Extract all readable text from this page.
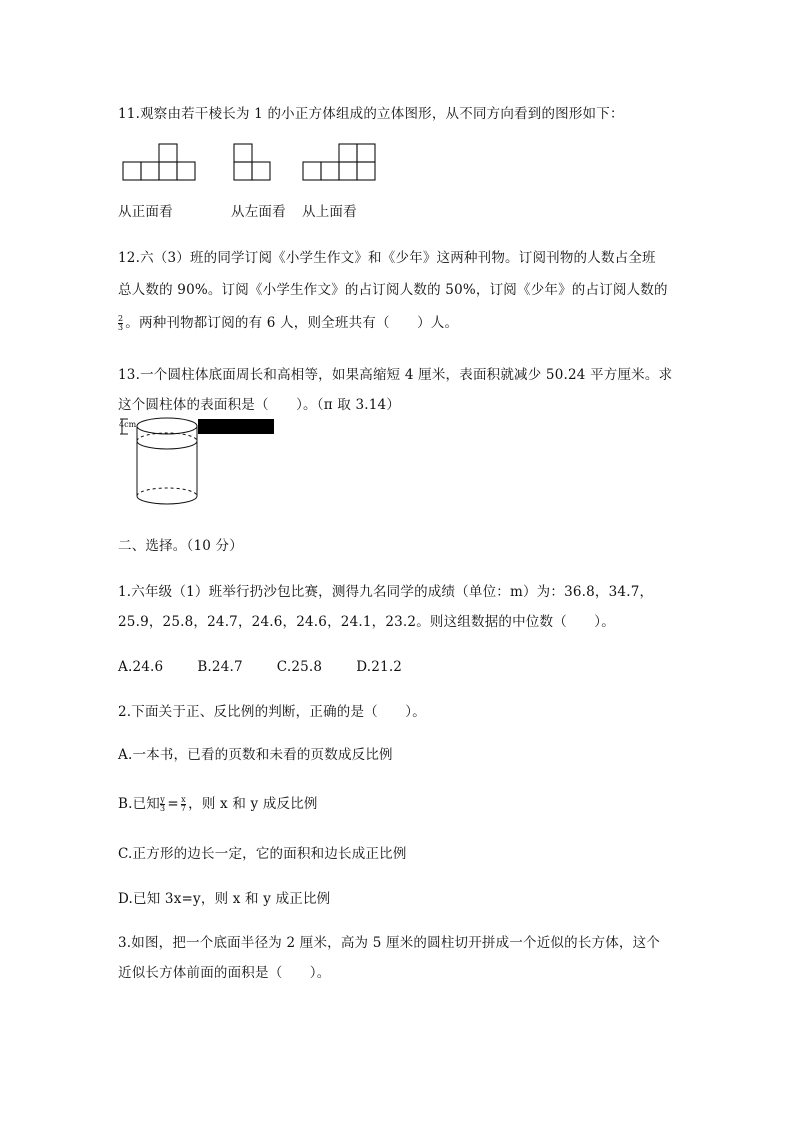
11.观察由若干棱长为 1 的小正方体组成的立体图形，从不同方向看到的图形如下：
从正面看	从左面看 从上面看
12.六（3）班的同学订阅《小学生作文》和《少年》这两种刊物。订阅刊物的人数占全班
总人数的 90%。订阅《小学生作文》的占订阅人数的 50%，订阅《少年》的占订阅人数的
$\frac{2}{3}$ 。两种刊物都订阅的有 6 人，则全班共有（　　）人。
13.一个圆柱体底面周长和高相等，如果高缩短 4 厘米，表面积就减少 50.24 平方厘米。求
这个圆柱体的表面积是（　　）。（π 取 3.14）
4cm
二、选择。（10 分）
1.六年级（1）班举行扔沙包比赛，测得九名同学的成绩（单位：m）为：36.8，34.7，
25.9，25.8，24.7，24.6，24.6，24.1，23.2。则这组数据的中位数（　　）。
A.24.6	B.24.7	C.25.8	D.21.2
2.下面关于正、反比例的判断，正确的是（　　）。
A.一本书，已看的页数和未看的页数成反比例
B.已知 $\frac{y}{3} = \frac{x}{7}$ ，则 x 和 y 成反比例
C.正方形的边长一定，它的面积和边长成正比例
D.已知 3x=y，则 x 和 y 成正比例
3.如图，把一个底面半径为 2 厘米，高为 5 厘米的圆柱切开拼成一个近似的长方体，这个
近似长方体前面的面积是（　　）。
